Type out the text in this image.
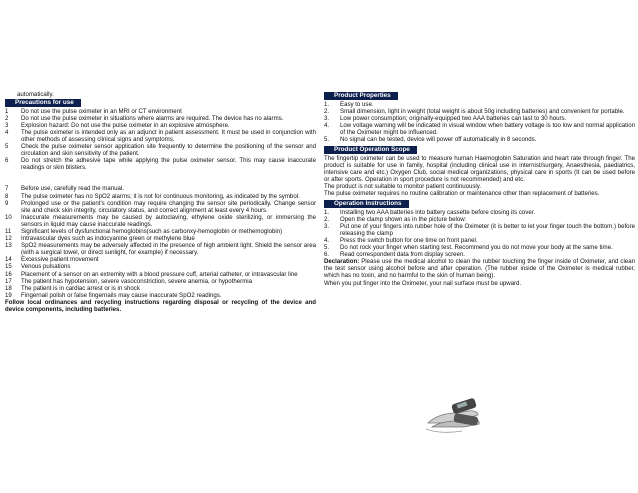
automatically.

Precautions for use
1	Do not use the pulse oximeter in an MRI or CT environment
2	Do not use the pulse oximeter in situations where alarms are required. The device has no alarms.
3	Explosion hazard: Do not use the pulse oximeter in an explosive atmosphere.
4	The pulse oximeter is intended only as an adjunct in patient assessment. It must be used in conjunction with other methods of assessing clinical signs and symptoms.
5	Check the pulse oximeter sensor application site frequently to determine the positioning of the sensor and circulation and skin sensitivity of the patient.
6	Do not stretch the adhesive tape while applying the pulse oximeter sensor. This may cause inaccurate readings or skin blisters.
7	Before use, carefully read the manual.
8	The pulse oximeter has no SpO2 alarms; it is not for continuous monitoring, as indicated by the symbol.
9	Prolonged use or the patient's condition may require changing the sensor site periodically. Change sensor site and check skin integrity, circulatory status, and correct alignment at least every 4 hours.
10	Inaccurate measurements may be caused by autoclaving, ethylene oxide sterilizing, or immersing the sensors in liquid may cause inaccurate readings.
11	Significant levels of dysfunctional hemoglobins(such as carbonxy-hemoglobin or methemoglobin)
12	Intravascular dyes such as indocyanine green or methylene blue
13	SpO2 measurements may be adversely affected in the presence of high ambient light. Shield the sensor area (with a surgical towel, or direct sunlight, for example) if necessary.
14	Excessive patient movement
15	Venous pulsations
16	Placement of a sensor on an extremity with a blood pressure cuff, arterial catheter, or intravascular line
17	The patient has hypotension, severe vasoconstriction, severe anemia, or hypothermia
18	The patient is in cardiac arrest or is in shock
19	Fingernail polish or false fingernails may cause inaccurate SpO2 readings.

Follow local ordinances and recycling instructions regarding disposal or recycling of the device and device components, including batteries.

Product Properties
1.	Easy to use.
2.	Small dimension, light in weight (total weight is about 50g including batteries) and convenient for portable.
3.	Low power consumption; originally-equipped two AAA batteries can last to 30 hours.
4.	Low voltage warning will be indicated in visual window when battery voltage is too low and normal application of the Oximeter might be influenced.
5.	No signal can be tested, device will power off automatically in 8 seconds.
Product Operation Scope

The fingertip oximeter can be used to measure human Haemoglobin Saturation and heart rate through finger. The product is suitable for use in family, hospital (including clinical use in internist/surgery, Anaesthesia, paediatrics, intensive care and etc.) Oxygen Club, social medical organizations, physical care in sports (It can be used before or after sports. Operation in sport procedure is not recommended) and etc.

The product is not suitable to monitor patient continuously.

The pulse oximeter requires no routine calibration or maintenance other than replacement of batteries.

Operation Instructions
1.	Installing two AAA batteries into battery cassette before closing its cover.
2.	Open the clamp shown as in the picture below:
3.	Put one of your fingers into rubber hole of the Oximeter (it is better to let your finger touch the bottom.) before releasing the clamp
4.	Press the switch button for one time on front panel.
5.	Do not rock your finger when starting test. Recommend you do not move your body at the same time.
6.	Read correspondent data from display screen.

Declaration: Please use the medical alcohol to clean the rubber touching the finger inside of Oximeter, and clean the test sensor using alcohol before and after operation. (The rubber inside of the Oximeter is medical rubber, which has no toxin, and no harmful to the skin of human being).

When you put finger into the Oximeter, your nail surface must be upward.
